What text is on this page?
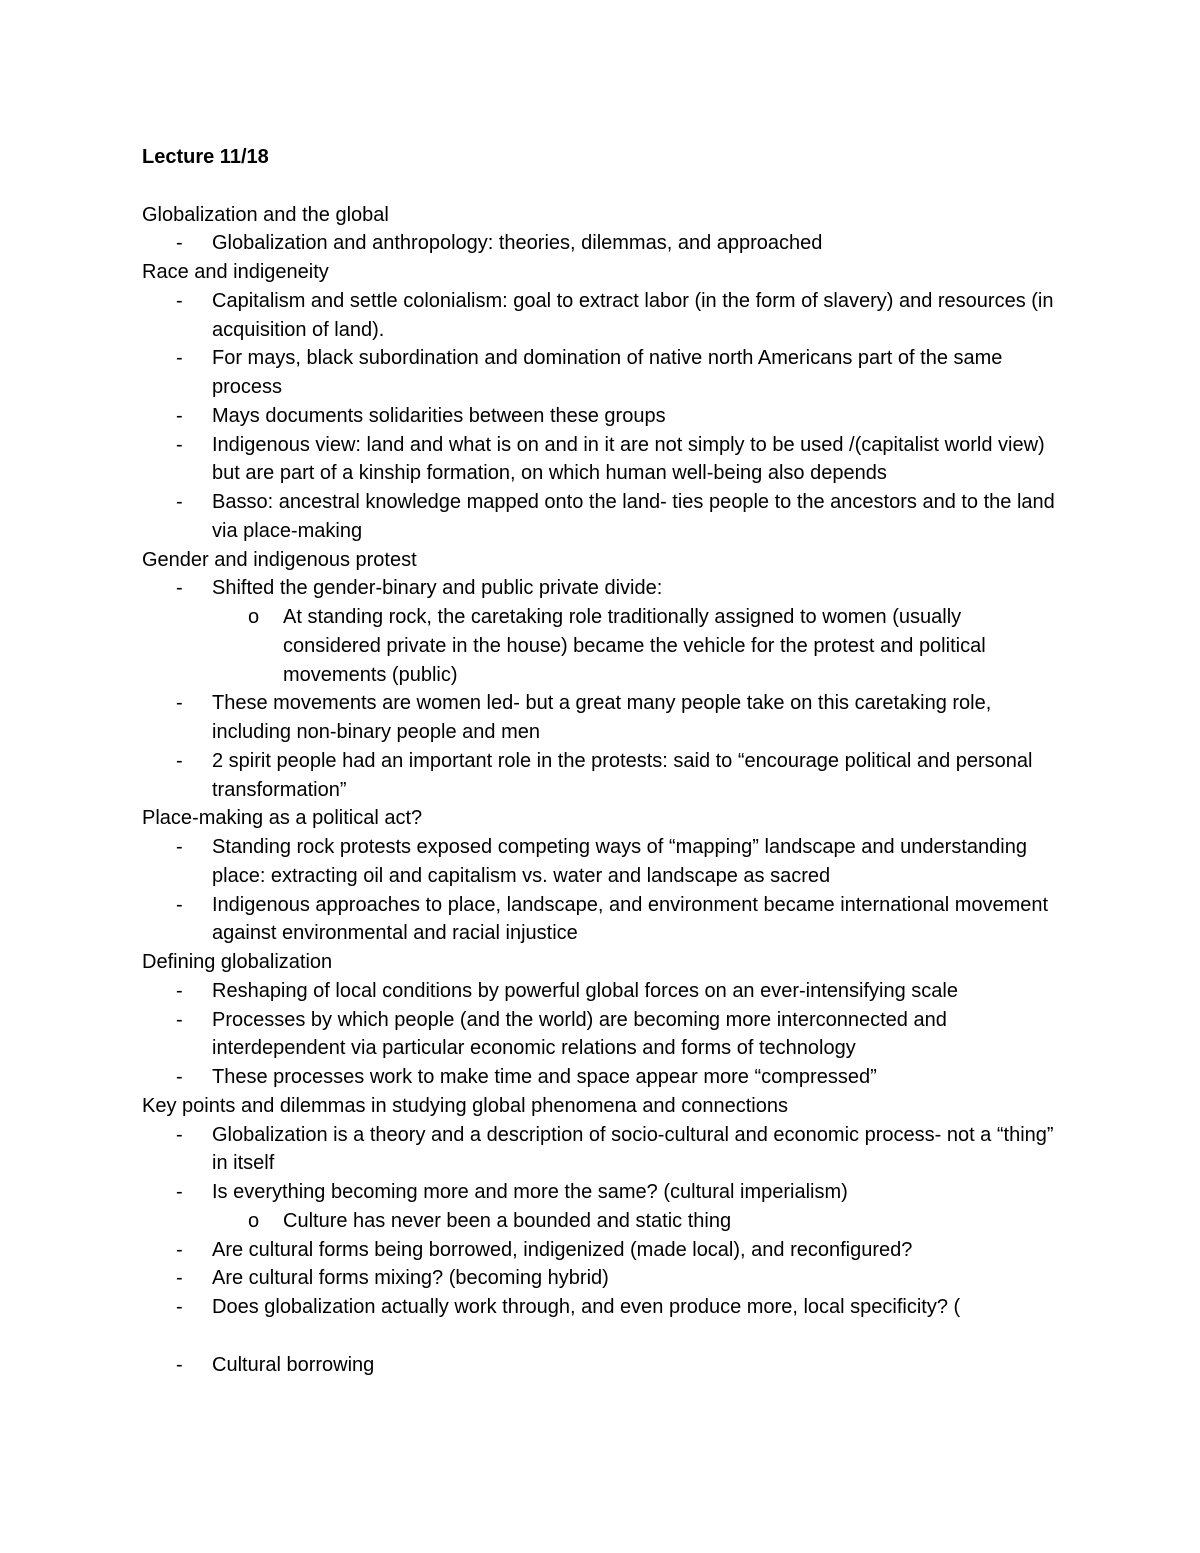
Lecture 11/18

Globalization and the global
- Globalization and anthropology: theories, dilemmas, and approached
Race and indigeneity
- Capitalism and settle colonialism: goal to extract labor (in the form of slavery) and resources (in acquisition of land).
- For mays, black subordination and domination of native north Americans part of the same process
- Mays documents solidarities between these groups
- Indigenous view: land and what is on and in it are not simply to be used /(capitalist world view) but are part of a kinship formation, on which human well-being also depends
- Basso: ancestral knowledge mapped onto the land- ties people to the ancestors and to the land via place-making
Gender and indigenous protest
- Shifted the gender-binary and public private divide:
o At standing rock, the caretaking role traditionally assigned to women (usually considered private in the house) became the vehicle for the protest and political movements (public)
- These movements are women led- but a great many people take on this caretaking role, including non-binary people and men
- 2 spirit people had an important role in the protests: said to “encourage political and personal transformation”
Place-making as a political act?
- Standing rock protests exposed competing ways of “mapping” landscape and understanding place: extracting oil and capitalism vs. water and landscape as sacred
- Indigenous approaches to place, landscape, and environment became international movement against environmental and racial injustice
Defining globalization
- Reshaping of local conditions by powerful global forces on an ever-intensifying scale
- Processes by which people (and the world) are becoming more interconnected and interdependent via particular economic relations and forms of technology
- These processes work to make time and space appear more “compressed”
Key points and dilemmas in studying global phenomena and connections
- Globalization is a theory and a description of socio-cultural and economic process- not a “thing” in itself
- Is everything becoming more and more the same? (cultural imperialism)
o Culture has never been a bounded and static thing
- Are cultural forms being borrowed, indigenized (made local), and reconfigured?
- Are cultural forms mixing? (becoming hybrid)
- Does globalization actually work through, and even produce more, local specificity? (
- Cultural borrowing
